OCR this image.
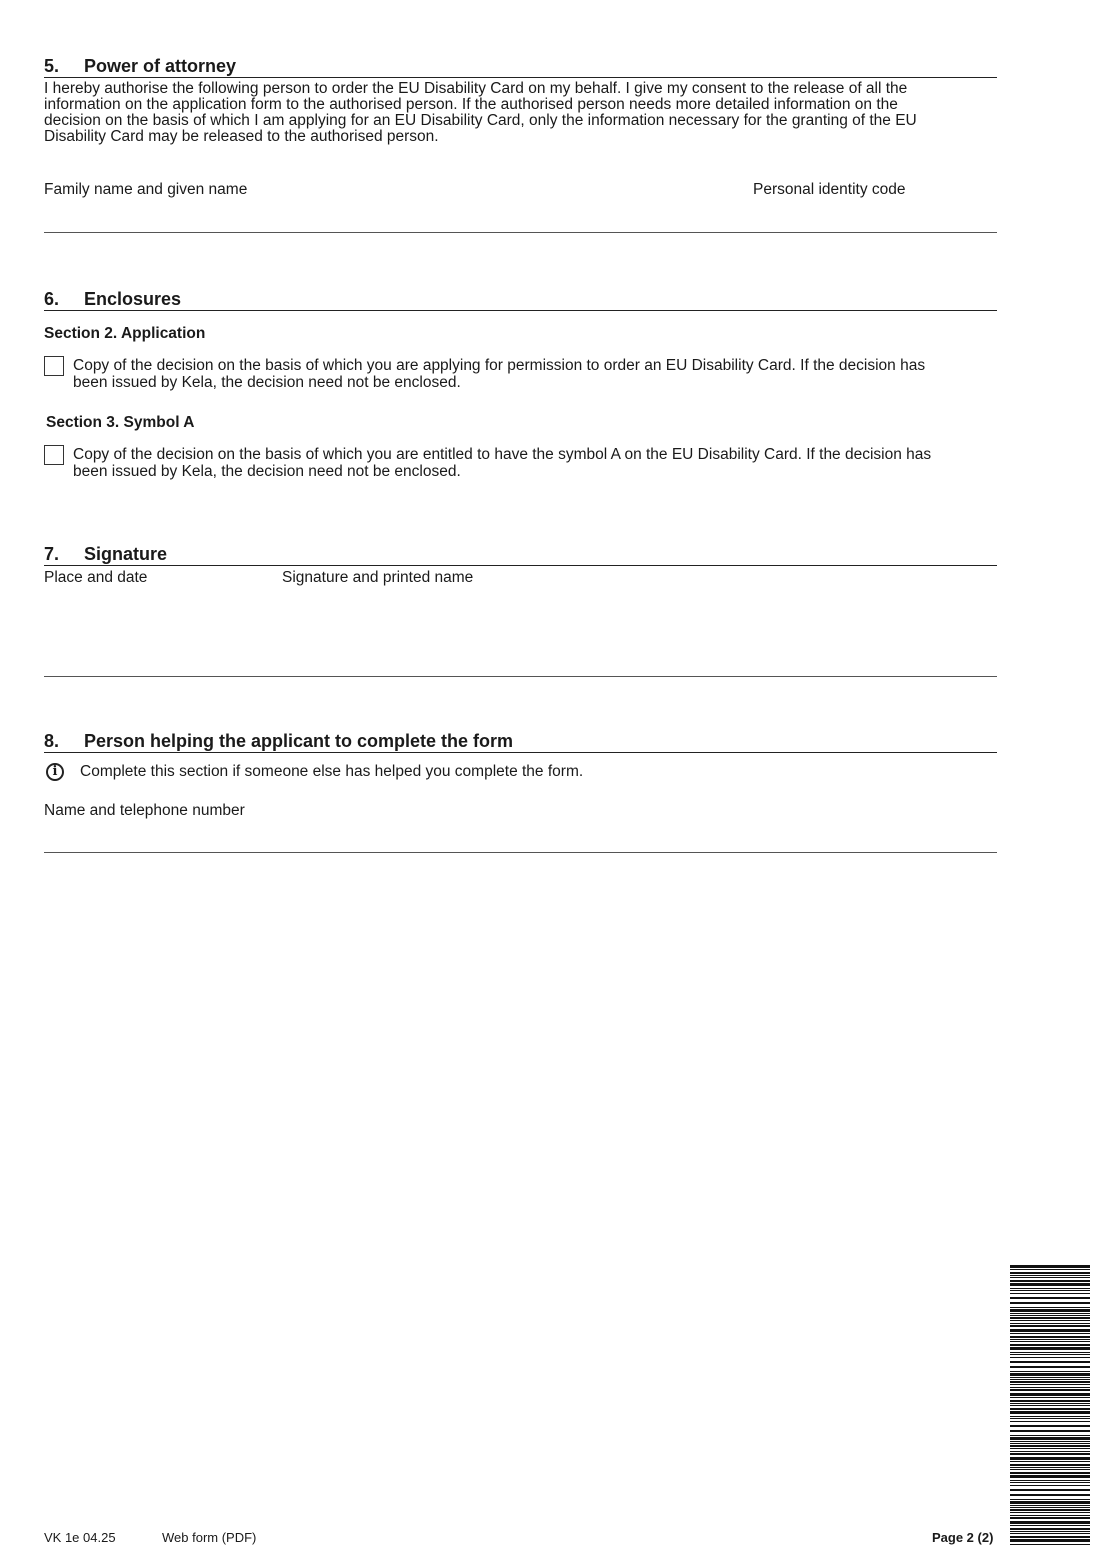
5. Power of attorney
I hereby authorise the following person to order the EU Disability Card on my behalf. I give my consent to the release of all the
information on the application form to the authorised person. If the authorised person needs more detailed information on the
decision on the basis of which I am applying for an EU Disability Card, only the information necessary for the granting of the EU
Disability Card may be released to the authorised person.
Family name and given name	Personal identity code
6. Enclosures
Section 2. Application
Copy of the decision on the basis of which you are applying for permission to order an EU Disability Card. If the decision has
been issued by Kela, the decision need not be enclosed.
Section 3. Symbol A
Copy of the decision on the basis of which you are entitled to have the symbol A on the EU Disability Card. If the decision has
been issued by Kela, the decision need not be enclosed.
7. Signature
Place and date	Signature and printed name
8. Person helping the applicant to complete the form
i	Complete this section if someone else has helped you complete the form.
Name and telephone number
VK 1e 04.25	Web form (PDF)	Page 2 (2)
